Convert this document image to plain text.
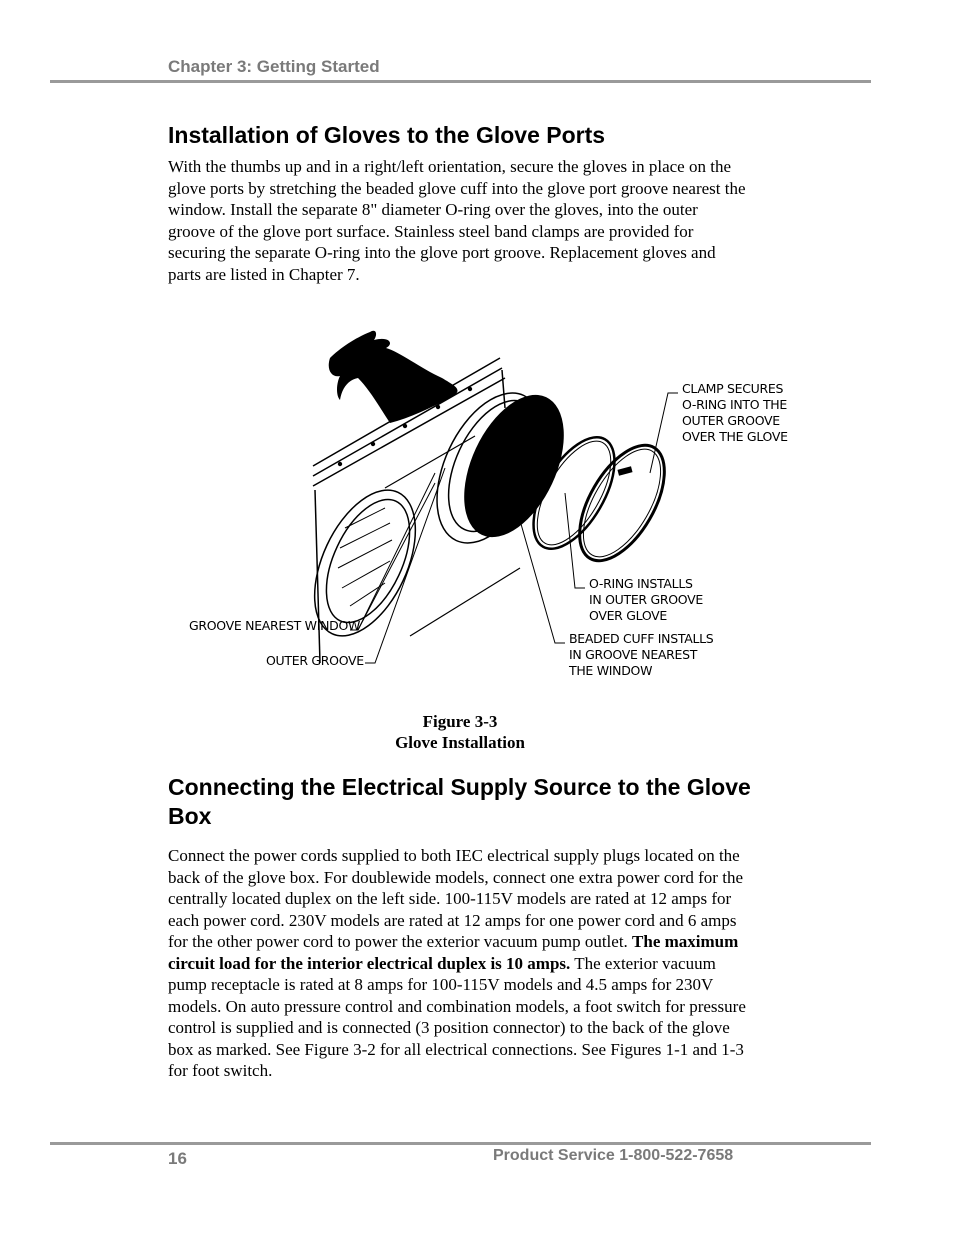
Chapter 3: Getting Started
Installation of Gloves to the Glove Ports

With the thumbs up and in a right/left orientation, secure the gloves in place on the glove ports by stretching the beaded glove cuff into the glove port groove nearest the window. Install the separate 8" diameter O-ring over the gloves, into the outer groove of the glove port surface. Stainless steel band clamps are provided for securing the separate O-ring into the glove port groove. Replacement gloves and parts are listed in Chapter 7.

CLAMP SECURES
O-RING INTO THE
OUTER GROOVE
OVER THE GLOVE
O-RING INSTALLS
IN OUTER GROOVE
OVER GLOVE
BEADED CUFF INSTALLS
IN GROOVE NEAREST
THE WINDOW
GROOVE NEAREST WINDOW
OUTER GROOVE
Figure 3-3
Glove Installation
Connecting the Electrical Supply Source to the Glove Box

Connect the power cords supplied to both IEC electrical supply plugs located on the back of the glove box. For doublewide models, connect one extra power cord for the centrally located duplex on the left side. 100-115V models are rated at 12 amps for each power cord. 230V models are rated at 12 amps for one power cord and 6 amps for the other power cord to power the exterior vacuum pump outlet. The maximum circuit load for the interior electrical duplex is 10 amps. The exterior vacuum pump receptacle is rated at 8 amps for 100-115V models and 4.5 amps for 230V models. On auto pressure control and combination models, a foot switch for pressure control is supplied and is connected (3 position connector) to the back of the glove box as marked. See Figure 3-2 for all electrical connections. See Figures 1-1 and 1-3 for foot switch.

16	Product Service 1-800-522-7658
